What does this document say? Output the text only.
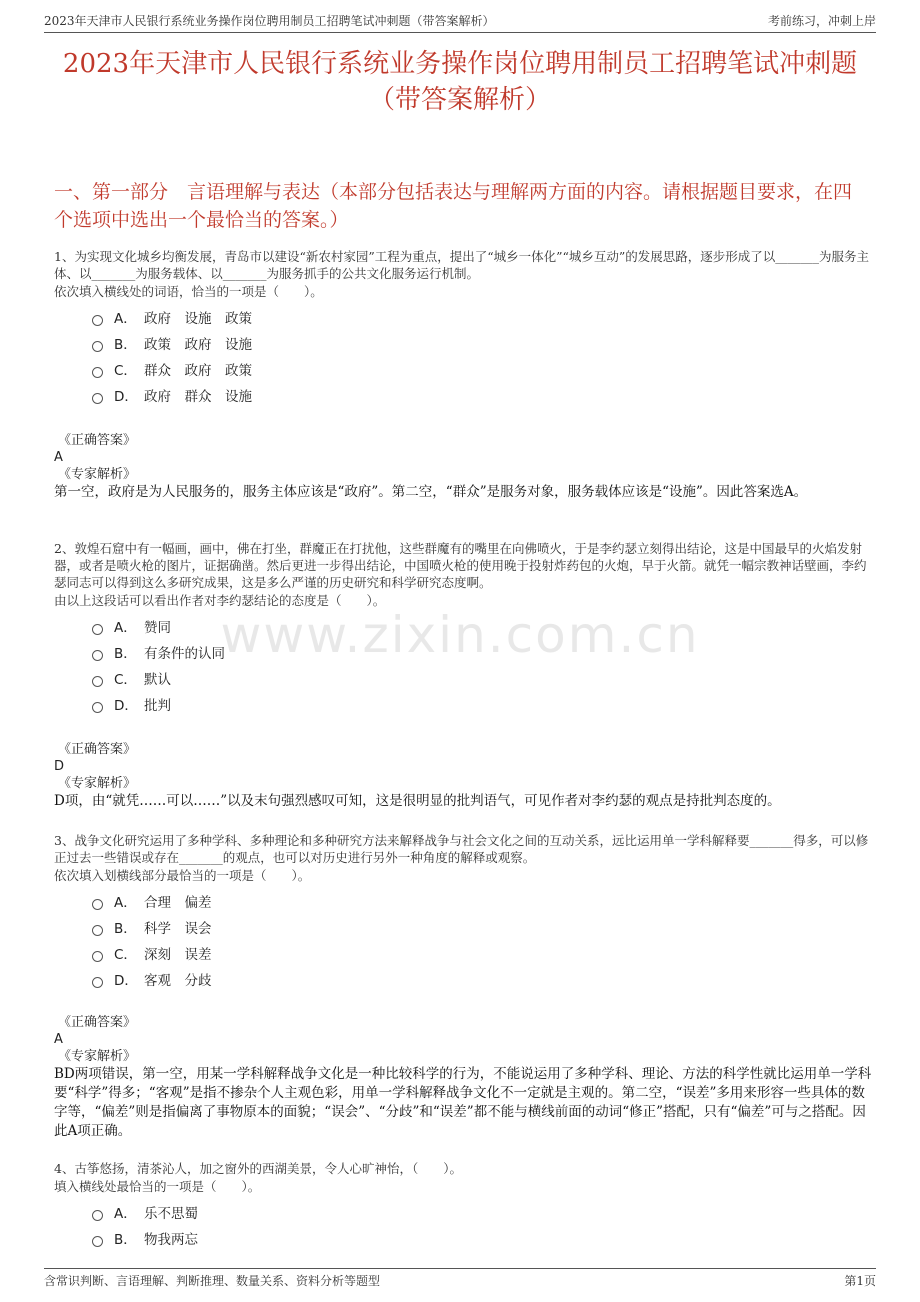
2023年天津市人民银行系统业务操作岗位聘用制员工招聘笔试冲刺题（带答案解析）	考前练习，冲刺上岸
2023年天津市人民银行系统业务操作岗位聘用制员工招聘笔试冲刺题（带答案解析）
一、第一部分　言语理解与表达（本部分包括表达与理解两方面的内容。请根据题目要求，在四个选项中选出一个最恰当的答案。）
www.zixin.com.cn

1、为实现文化城乡均衡发展，青岛市以建设“新农村家园”工程为重点，提出了“城乡一体化”“城乡互动”的发展思路，逐步形成了以_______为服务主体、以_______为服务载体、以_______为服务抓手的公共文化服务运行机制。

依次填入横线处的词语，恰当的一项是（　　）。

A． 政府　设施　政策
B． 政策　政府　设施
C． 群众　政府　政策
D． 政府　群众　设施

《正确答案》

A

《专家解析》

第一空，政府是为人民服务的，服务主体应该是“政府”。第二空，“群众”是服务对象，服务载体应该是“设施”。因此答案选A。

2、敦煌石窟中有一幅画，画中，佛在打坐，群魔正在打扰他，这些群魔有的嘴里在向佛喷火，于是李约瑟立刻得出结论，这是中国最早的火焰发射器，或者是喷火枪的图片，证据确凿。然后更进一步得出结论，中国喷火枪的使用晚于投射炸药包的火炮，早于火箭。就凭一幅宗教神话壁画，李约瑟同志可以得到这么多研究成果，这是多么严谨的历史研究和科学研究态度啊。

由以上这段话可以看出作者对李约瑟结论的态度是（　　）。

A． 赞同
B． 有条件的认同
C． 默认
D． 批判

《正确答案》

D

《专家解析》

D项，由“就凭……可以……”以及末句强烈感叹可知，这是很明显的批判语气，可见作者对李约瑟的观点是持批判态度的。

3、战争文化研究运用了多种学科、多种理论和多种研究方法来解释战争与社会文化之间的互动关系，远比运用单一学科解释要_______得多，可以修正过去一些错误或存在_______的观点，也可以对历史进行另外一种角度的解释或观察。

依次填入划横线部分最恰当的一项是（　　）。

A． 合理　偏差
B． 科学　误会
C． 深刻　误差
D． 客观　分歧

《正确答案》

A

《专家解析》

BD两项错误，第一空，用某一学科解释战争文化是一种比较科学的行为，不能说运用了多种学科、理论、方法的科学性就比运用单一学科要“科学”得多；“客观”是指不掺杂个人主观色彩，用单一学科解释战争文化不一定就是主观的。第二空，“误差”多用来形容一些具体的数字等，“偏差”则是指偏离了事物原本的面貌；“误会”、“分歧”和“误差”都不能与横线前面的动词“修正”搭配，只有“偏差”可与之搭配。因此A项正确。

4、古筝悠扬，清茶沁人，加之窗外的西湖美景，令人心旷神怡，（　　）。

填入横线处最恰当的一项是（　　）。

A． 乐不思蜀
B． 物我两忘
含常识判断、言语理解、判断推理、数量关系、资料分析等题型	第1页
